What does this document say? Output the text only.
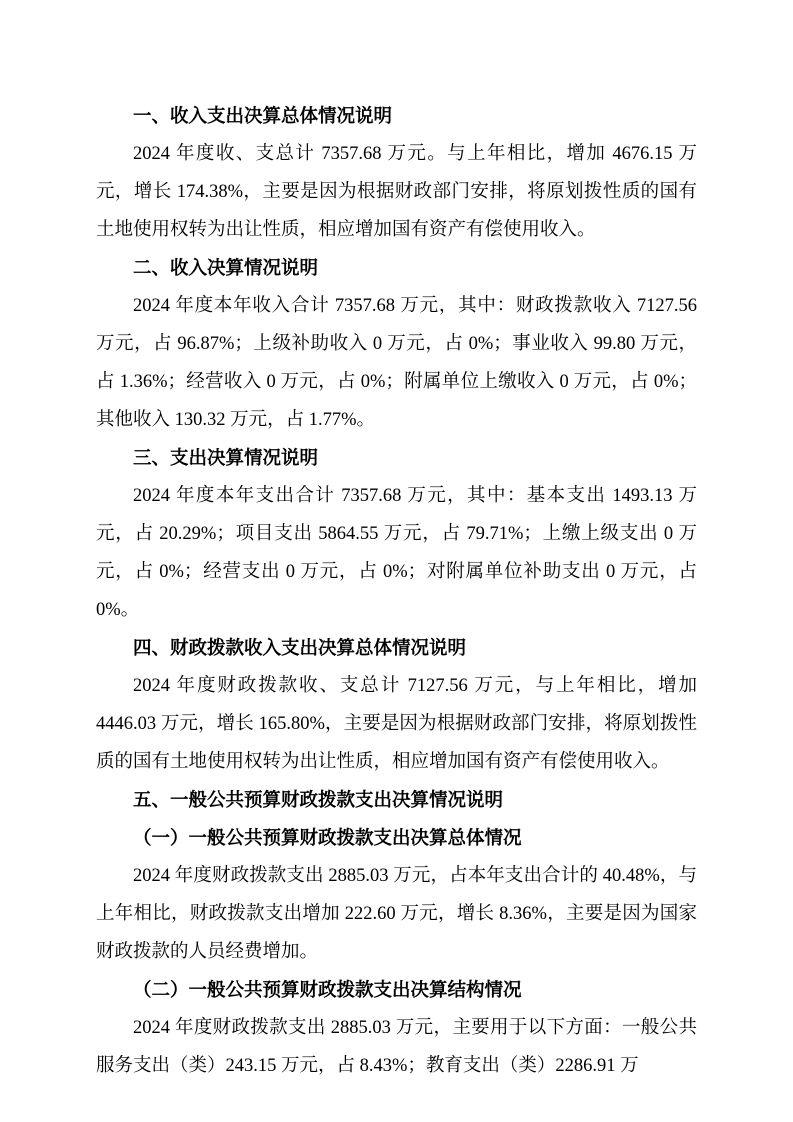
一、收入支出决算总体情况说明

2024 年度收、支总计 7357.68 万元。与上年相比，增加 4676.15 万元，增长 174.38%，主要是因为根据财政部门安排，将原划拨性质的国有土地使用权转为出让性质，相应增加国有资产有偿使用收入。

二、收入决算情况说明

2024 年度本年收入合计 7357.68 万元，其中：财政拨款收入 7127.56 万元，占 96.87%；上级补助收入 0 万元，占 0%；事业收入 99.80 万元，占 1.36%；经营收入 0 万元，占 0%；附属单位上缴收入 0 万元，占 0%；其他收入 130.32 万元，占 1.77%。

三、支出决算情况说明

2024 年度本年支出合计 7357.68 万元，其中：基本支出 1493.13 万元，占 20.29%；项目支出 5864.55 万元，占 79.71%；上缴上级支出 0 万元，占 0%；经营支出 0 万元，占 0%；对附属单位补助支出 0 万元，占 0%。

四、财政拨款收入支出决算总体情况说明

2024 年度财政拨款收、支总计 7127.56 万元，与上年相比，增加 4446.03 万元，增长 165.80%，主要是因为根据财政部门安排，将原划拨性质的国有土地使用权转为出让性质，相应增加国有资产有偿使用收入。

五、一般公共预算财政拨款支出决算情况说明
（一）一般公共预算财政拨款支出决算总体情况

2024 年度财政拨款支出 2885.03 万元，占本年支出合计的 40.48%，与上年相比，财政拨款支出增加 222.60 万元，增长 8.36%，主要是因为国家财政拨款的人员经费增加。

（二）一般公共预算财政拨款支出决算结构情况

2024 年度财政拨款支出 2885.03 万元，主要用于以下方面：一般公共服务支出（类）243.15 万元，占 8.43%；教育支出（类）2286.91 万
